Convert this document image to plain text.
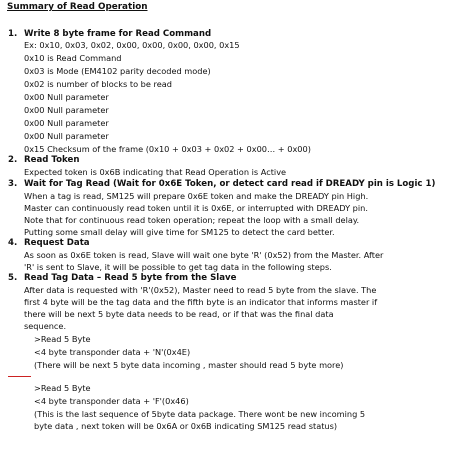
Summary of Read Operation
1. Write 8 byte frame for Read Command
Ex: 0x10, 0x03, 0x02, 0x00, 0x00, 0x00, 0x00, 0x15
0x10 is Read Command
0x03 is Mode (EM4102 parity decoded mode)
0x02 is number of blocks to be read
0x00 Null parameter
0x00 Null parameter
0x00 Null parameter
0x00 Null parameter
0x15 Checksum of the frame (0x10 + 0x03 + 0x02 + 0x00… + 0x00)
2. Read Token
Expected token is 0x6B indicating that Read Operation is Active
3. Wait for Tag Read (Wait for 0x6E Token, or detect card read if DREADY pin is Logic 1)
When a tag is read, SM125 will prepare 0x6E token and make the DREADY pin High.
Master can continuously read token until it is 0x6E, or interrupted with DREADY pin.
Note that for continuous read token operation; repeat the loop with a small delay.
Putting some small delay will give time for SM125 to detect the card better.
4. Request Data
As soon as 0x6E token is read, Slave will wait one byte 'R' (0x52) from the Master. After
'R' is sent to Slave, it will be possible to get tag data in the following steps.
5. Read Tag Data – Read 5 byte from the Slave
After data is requested with 'R'(0x52), Master need to read 5 byte from the slave. The
first 4 byte will be the tag data and the fifth byte is an indicator that informs master if
there will be next 5 byte data needs to be read, or if that was the final data
sequence.
>Read 5 Byte
<4 byte transponder data + 'N'(0x4E)
(There will be next 5 byte data incoming , master should read 5 byte more)
>Read 5 Byte
<4 byte transponder data + 'F'(0x46)
(This is the last sequence of 5byte data package. There wont be new incoming 5
byte data , next token will be 0x6A or 0x6B indicating SM125 read status)
